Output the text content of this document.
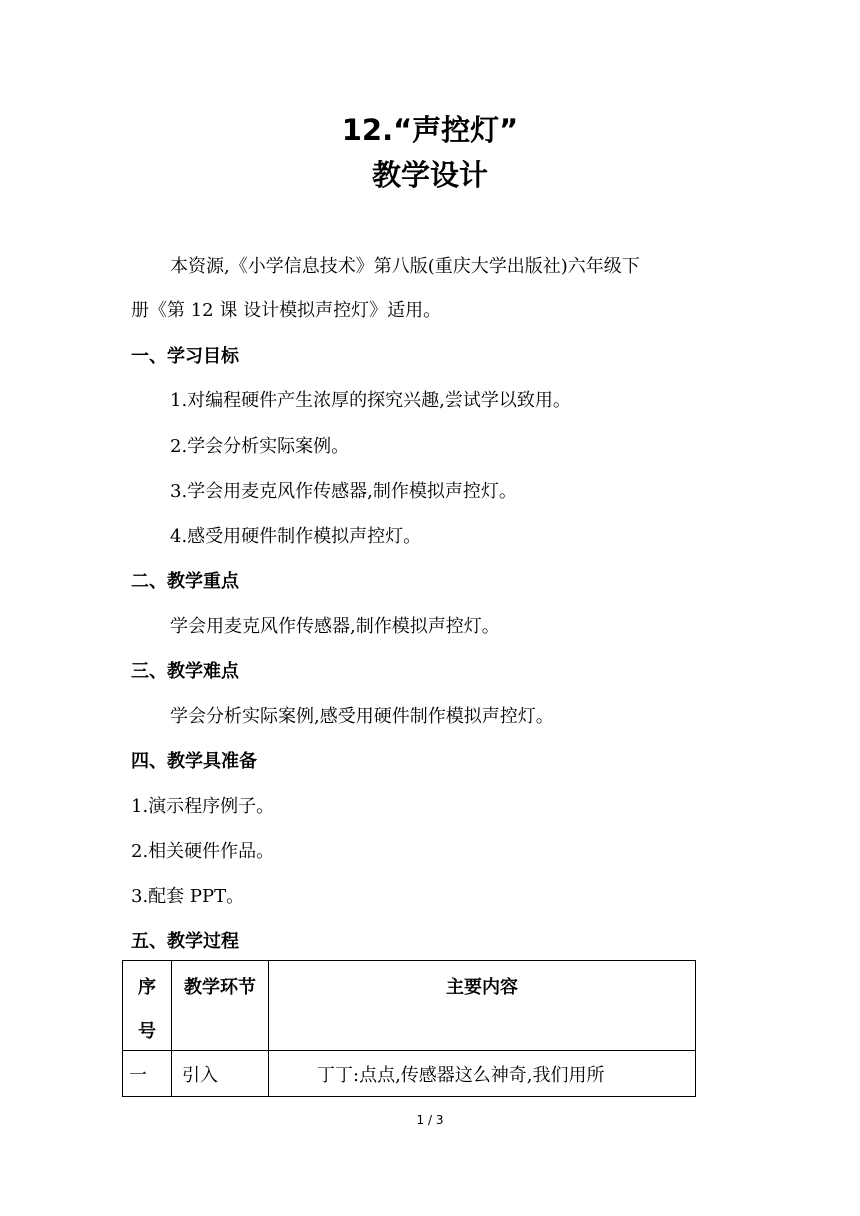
12.“声控灯”
教学设计
本资源,《小学信息技术》第八版(重庆大学出版社)六年级下
册《第 12 课 设计模拟声控灯》适用。
一、学习目标
1.对编程硬件产生浓厚的探究兴趣,尝试学以致用。
2.学会分析实际案例。
3.学会用麦克风作传感器,制作模拟声控灯。
4.感受用硬件制作模拟声控灯。
二、教学重点
学会用麦克风作传感器,制作模拟声控灯。
三、教学难点
学会分析实际案例,感受用硬件制作模拟声控灯。
四、教学具准备
1.演示程序例子。
2.相关硬件作品。
3.配套 PPT。
五、教学过程
序
号	教学环节	主要内容

一	引入	丁丁:点点,传感器这么神奇,我们用所
1 / 3
